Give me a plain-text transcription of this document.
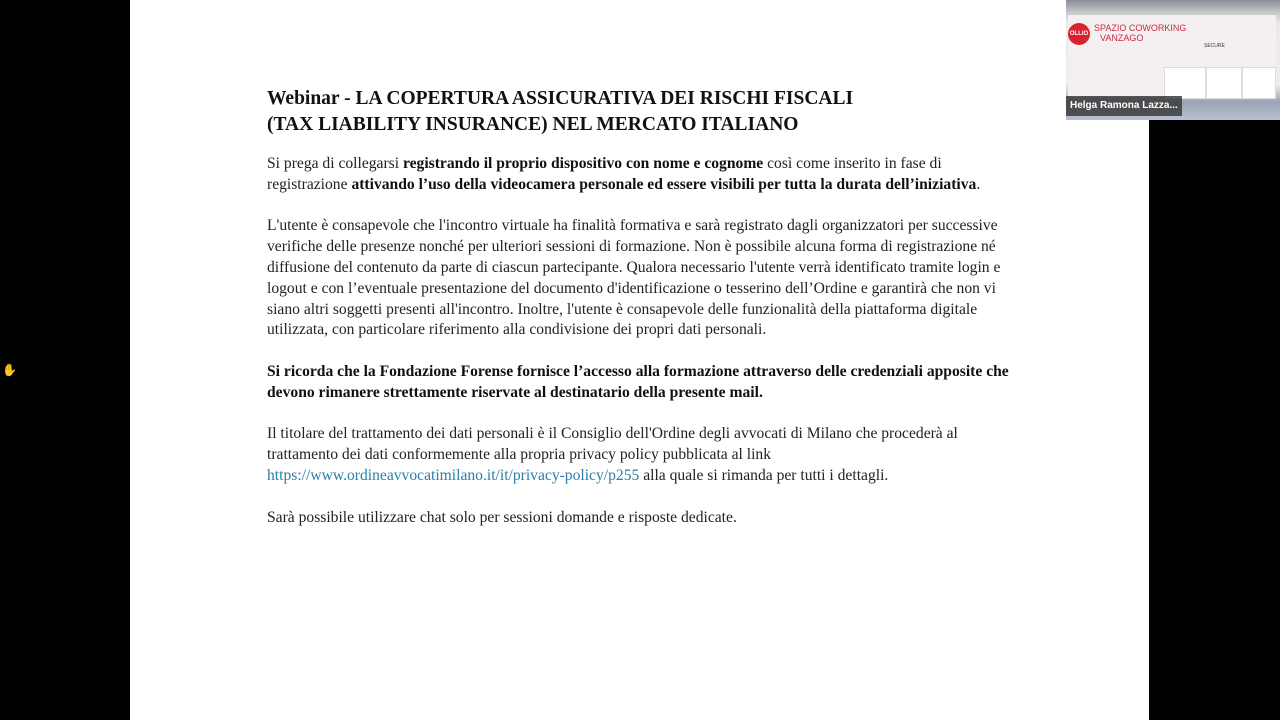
Webinar - LA COPERTURA ASSICURATIVA DEI RISCHI FISCALI
(TAX LIABILITY INSURANCE) NEL MERCATO ITALIANO

Si prega di collegarsi registrando il proprio dispositivo con nome e cognome così come inserito in fase di registrazione attivando l’uso della videocamera personale ed essere visibili per tutta la durata dell’iniziativa.

L'utente è consapevole che l'incontro virtuale ha finalità formativa e sarà registrato dagli organizzatori per successive verifiche delle presenze nonché per ulteriori sessioni di formazione. Non è possibile alcuna forma di registrazione né diffusione del contenuto da parte di ciascun partecipante. Qualora necessario l'utente verrà identificato tramite login e logout e con l’eventuale presentazione del documento d'identificazione o tesserino dell’Ordine e garantirà che non vi siano altri soggetti presenti all'incontro. Inoltre, l'utente è consapevole delle funzionalità della piattaforma digitale utilizzata, con particolare riferimento alla condivisione dei propri dati personali.

Si ricorda che la Fondazione Forense fornisce l’accesso alla formazione attraverso delle credenziali apposite che devono rimanere strettamente riservate al destinatario della presente mail.

Il titolare del trattamento dei dati personali è il Consiglio dell'Ordine degli avvocati di Milano che procederà al trattamento dei dati conformemente alla propria privacy policy pubblicata al link https://www.ordineavvocatimilano.it/it/privacy-policy/p255 alla quale si rimanda per tutti i dettagli.

Sarà possibile utilizzare chat solo per sessioni domande e risposte dedicate.

OLLIO
SPAZIO COWORKING
VANZAGO
SECURE
Helga Ramona Lazza...
✋
